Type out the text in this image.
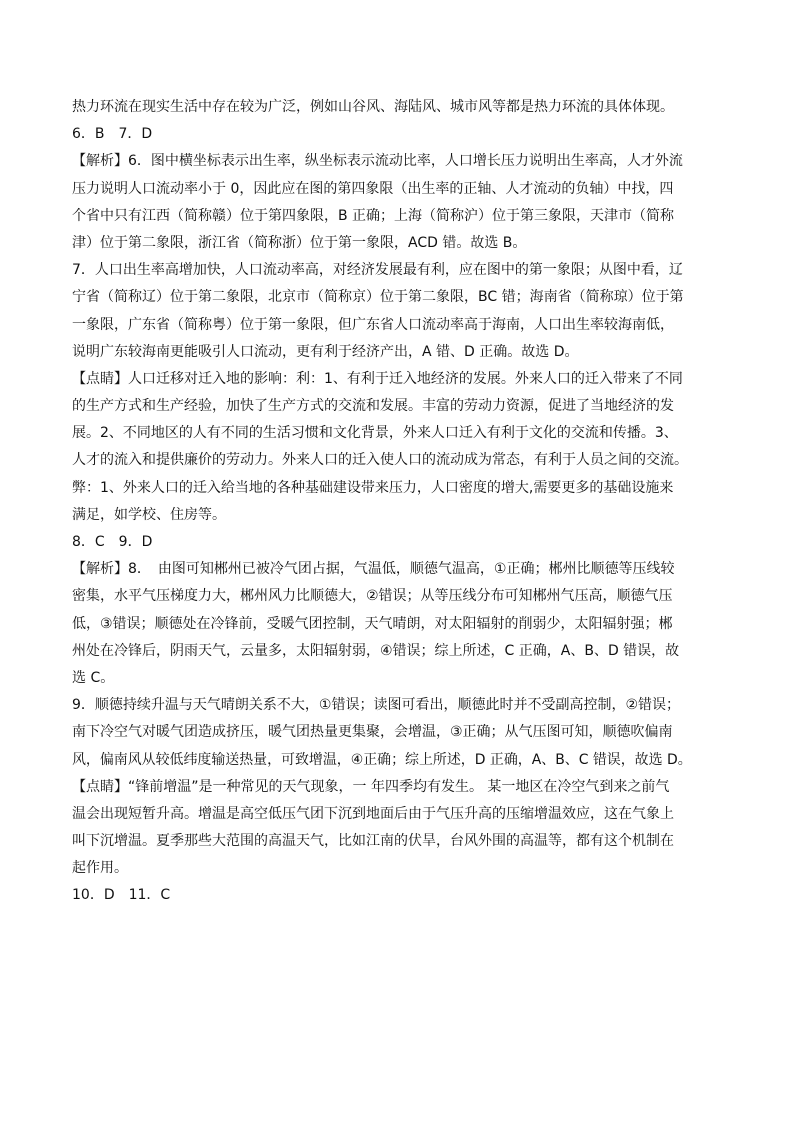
热力环流在现实生活中存在较为广泛，例如山谷风、海陆风、城市风等都是热力环流的具体体现。
6．B　7．D
【解析】6．图中横坐标表示出生率，纵坐标表示流动比率，人口增长压力说明出生率高，人才外流
压力说明人口流动率小于 0，因此应在图的第四象限（出生率的正轴、人才流动的负轴）中找，四
个省中只有江西（简称赣）位于第四象限，B 正确；上海（简称沪）位于第三象限，天津市（简称
津）位于第二象限，浙江省（简称浙）位于第一象限，ACD 错。故选 B。
7．人口出生率高增加快，人口流动率高，对经济发展最有利，应在图中的第一象限；从图中看，辽
宁省（简称辽）位于第二象限，北京市（简称京）位于第二象限，BC 错；海南省（简称琼）位于第
一象限，广东省（简称粤）位于第一象限，但广东省人口流动率高于海南，人口出生率较海南低，
说明广东较海南更能吸引人口流动，更有利于经济产出，A 错、D 正确。故选 D。
【点睛】人口迁移对迁入地的影响：利：1、有利于迁入地经济的发展。外来人口的迁入带来了不同
的生产方式和生产经验，加快了生产方式的交流和发展。丰富的劳动力资源，促进了当地经济的发
展。2、不同地区的人有不同的生活习惯和文化背景，外来人口迁入有利于文化的交流和传播。3、
人才的流入和提供廉价的劳动力。外来人口的迁入使人口的流动成为常态，有利于人员之间的交流。
弊：1、外来人口的迁入给当地的各种基础建设带来压力，人口密度的增大,需要更多的基础设施来
满足，如学校、住房等。
8．C　9．D
【解析】8．　由图可知郴州已被冷气团占据，气温低，顺德气温高，①正确；郴州比顺德等压线较
密集，水平气压梯度力大，郴州风力比顺德大，②错误；从等压线分布可知郴州气压高，顺德气压
低，③错误；顺德处在冷锋前，受暖气团控制，天气晴朗，对太阳辐射的削弱少，太阳辐射强；郴
州处在冷锋后，阴雨天气，云量多，太阳辐射弱，④错误；综上所述，C 正确，A、B、D 错误，故
选 C。
9．顺德持续升温与天气晴朗关系不大，①错误；读图可看出，顺德此时并不受副高控制，②错误；
南下冷空气对暖气团造成挤压，暖气团热量更集聚，会增温，③正确；从气压图可知，顺德吹偏南
风，偏南风从较低纬度输送热量，可致增温，④正确；综上所述，D 正确，A、B、C 错误，故选 D。
【点睛】“锋前增温”是一种常见的天气现象，一 年四季均有发生。 某一地区在冷空气到来之前气
温会出现短暂升高。增温是高空低压气团下沉到地面后由于气压升高的压缩增温效应，这在气象上
叫下沉增温。夏季那些大范围的高温天气，比如江南的伏旱，台风外围的高温等，都有这个机制在
起作用。
10．D　11．C
